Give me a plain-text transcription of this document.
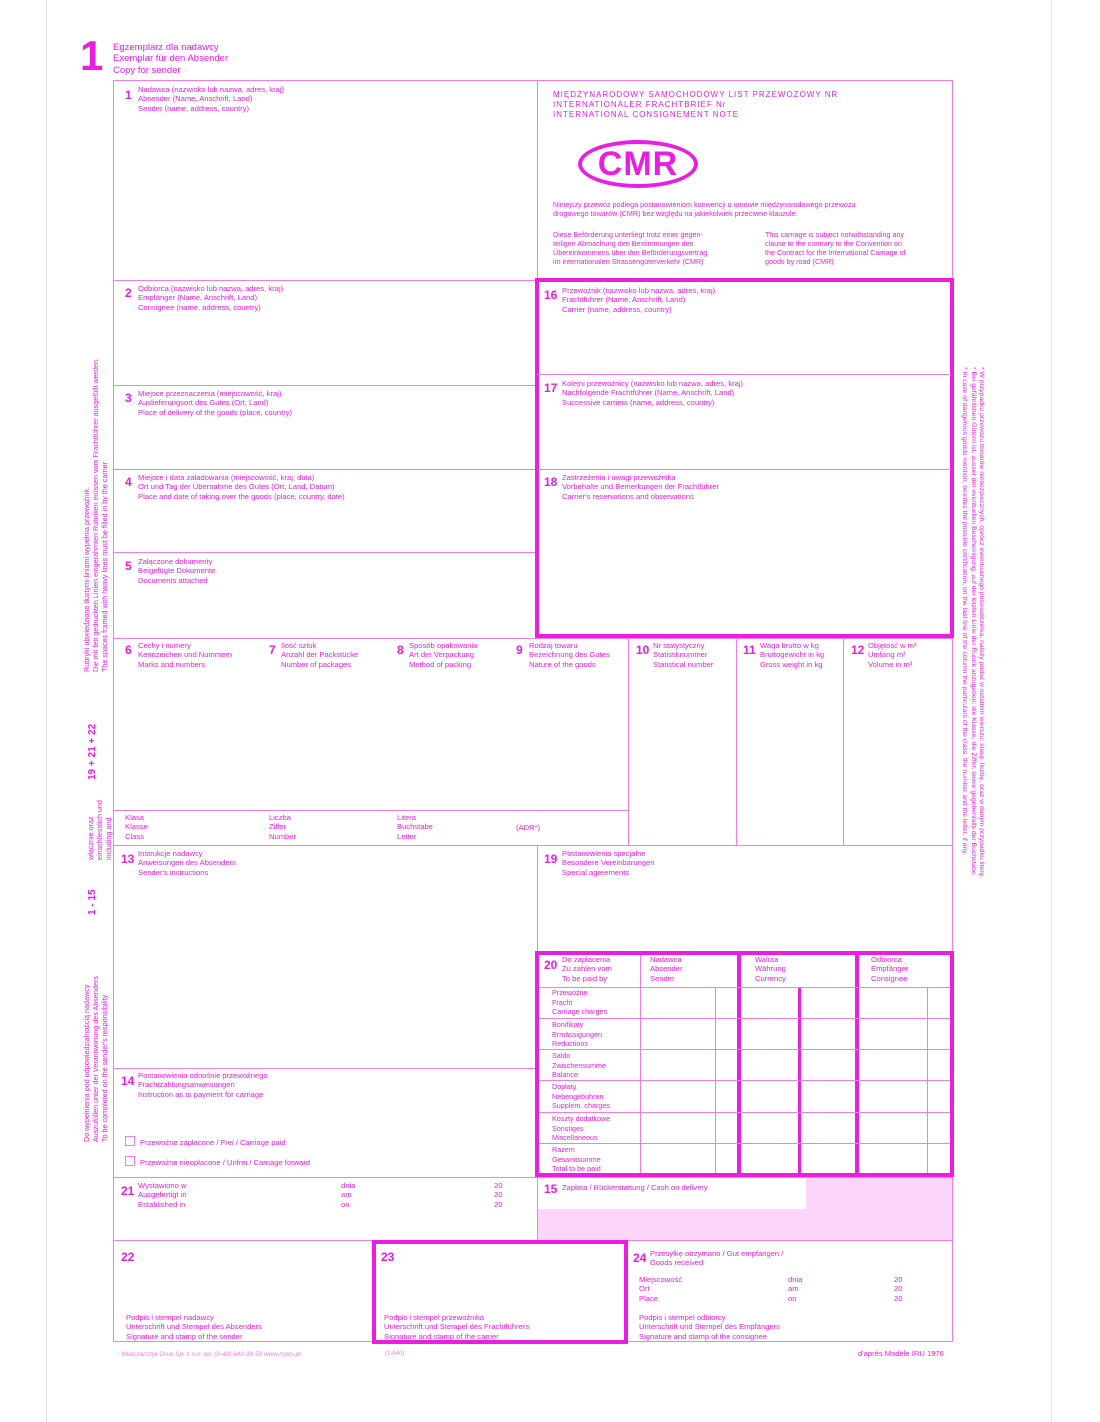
1 Egzemplarz dla nadawcy
Exemplar für den Absender
Copy for sender
1 Nadawca (nazwisko lub nazwa, adres, kraj)
Absender (Name, Anschrift, Land)
Sender (name, address, country)
MIĘDZYNARODOWY SAMOCHODOWY LIST PRZEWOZOWY NR
INTERNATIONALER FRACHTBRIEF Nr
INTERNATIONAL CONSIGNEMENT NOTE
CMR
Niniejszy przewóz podlega postanowieniom konwencji o umowie międzynarodowego przewozu
drogowego towarów (CMR) bez względu na jakiekolwiek przeciwne klauzule.
Diese Beförderung unterliegt trotz einer gegen-
teiligen Abmachung den Bestimmungen des
Übereinkommens über den Beförderungsvertrag
im internationalen Strassengüterverkehr (CMR)
This carriage is subject notwithstanding any
clause to the contrary to the Convention on
the Contract for the International Carriage of
goods by road (CMR)
2 Odbiorca (nazwisko lub nazwa, adres, kraj)
Empfänger (Name, Anschrift, Land)
Consignee (name, address, country)
3 Miejsce przeznaczenia (miejscowość, kraj)
Auslieferungsort des Gutes (Ort, Land)
Place of delivery of the goods (place, country)
4 Miejsce i data załadowania (miejscowość, kraj, data)
Ort und Tag der Übernahme des Gutes (Ort, Land, Datum)
Place and date of taking over the goods (place, country, date)
5 Załączone dokumenty
Beigefügte Dokumente
Documents attached
16 Przewoźnik (nazwisko lub nazwa, adres, kraj)
Frachtführer (Name, Anschrift, Land)
Carrier (name, address, country)
17 Kolejni przewoźnicy (nazwisko lub nazwa, adres, kraj)
Nachfolgende Frachtführer (Name, Anschrift, Land)
Successive carriers (name, address, country)
18 Zastrzeżenia i uwagi przewoźnika
Vorbehalte und Bemerkungen der Frachtführer
Carrier's reservations and observations
6 Cechy i numery
Kennzeichen und Nummern
Marks and numbers
7 Ilość sztuk
Anzahl der Packstücke
Number of packages
8 Sposób opakowania
Art der Verpackung
Method of packing
9 Rodzaj towaru
Bezeichnung des Gutes
Nature of the goods
10 Nr statystyczny
Statistiknummer
Statistical number
11 Waga brutto w kg
Bruttogewicht in kg
Gross weight in kg
12 Objętość w m³
Umfang m³
Volume in m³
Klasa
Klasse
Class
Liczba
Ziffer
Number
Litera
Buchstabe
Letter
(ADR*)
13 Instrukcje nadawcy
Anweisungen des Absenders
Sender's instructions
19 Postanowienia specjalne
Besondere Vereinbarungen
Special agreements
14 Postanowienia odnośnie przewoźnego
Frachtzahlungsanweisungen
Instruction as to payment for carriage
Przewoźne zapłacone / Frei / Carriage paid
Przewoźne nieopłacone / Unfrei / Carriage forward
20 Do zapłacenia
Zu zahlen vom
To be paid by
Nadawca
Absender
Sender
Waluta
Währung
Currency
Odbiorca
Empfänger
Consignee
Przewoźne
Fracht
Carriage charges
Bonifikaty
Ermässigungen
Reductions
Saldo
Zwischensumme
Balance
Dopłaty
Nebengebühren
Supplem. charges
Koszty dodatkowe
Sonstiges
Miscellaneous
Razem
Gesamtsumme
Total to be paid
21 Wystawiono w
Ausgefertigt in
Established in
dnia
am
on
20
20
20
15 Zapłata / Rückerstattung / Cash on delivery
22
Podpis i stempel nadawcy
Unterschrift und Stempel des Absenders
Signature and stamp of the sender
23
Podpis i stempel przewoźnika
Unterschrift und Stempel des Frachtführers
Signature and stamp of the carrier
24 Przesyłkę otrzymano / Gut empfangen /
Goods received
Miejscowość
Ort
Place
dnia
am
on
20
20
20
Podpis i stempel odbiorcy
Unterschrift und Stempel des Empfängers
Signature and stamp of the consignee
◌ Mielczarczyk Druk Sp. z o.o. tel. (0-42) 640-39-58 www.mpro.pl	(1-640)	d'après Modèle IRU 1976
Rubryki obwiedzione tłustymi liniami wypełnia przewoźnik. Die mit fett gedruckten Linien eingerahmten Rubriken müssen vom Frachtführer ausgefüllt werden. The spaces framed with heavy lines must be filled in by the carrier
19 + 21 + 22
włącznie oraz einschliesslich und including and
1 - 15
Do wypełnienia pod odpowiedzialnością nadawcy Auszufüllen unter der Verantwortung des Absenders To be completed on the sender's responsibility
* W przypadku przewozu towarów niebezpiecznych, oprócz ewentualnego poświadczenia, należy podać w ostatnim wierszu: klasę, liczbę, oraz w danym przypadku literę.
* Bei gefährlichen Gütern ist, ausser der eventuellen Bescheinigung, auf der letzten Linie der Rubrik anzugeben: die Klasse, die Ziffer, sowie gegebenfalls der Buchstabe.
* In case of dangerous goods mention, besides the possible certification, on the last line of the column the particulars of the class, the number and the letter, if any.
